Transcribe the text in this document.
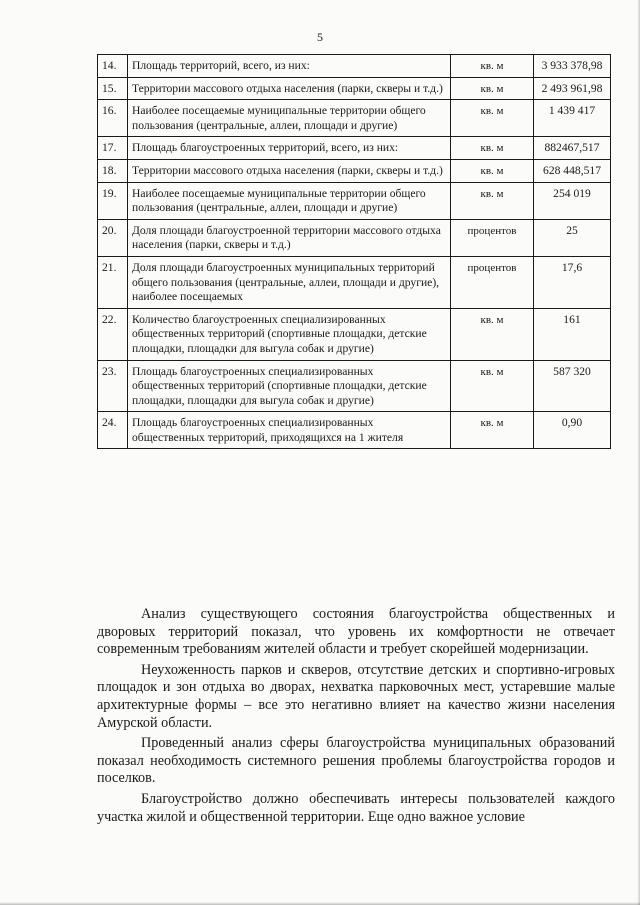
5
14.	Площадь территорий, всего, из них:	кв. м	3 933 378,98
15.	Территории массового отдыха населения (парки, скверы и т.д.)	кв. м	2 493 961,98
16.	Наиболее посещаемые муниципальные территории общего пользования (центральные, аллеи, площади и другие)	кв. м	1 439 417
17.	Площадь благоустроенных территорий, всего, из них:	кв. м	882467,517
18.	Территории массового отдыха населения (парки, скверы и т.д.)	кв. м	628 448,517
19.	Наиболее посещаемые муниципальные территории общего пользования (центральные, аллеи, площади и другие)	кв. м	254 019
20.	Доля площади благоустроенной территории массового отдыха населения (парки, скверы и т.д.)	процентов	25
21.	Доля площади благоустроенных муниципальных территорий общего пользования (центральные, аллеи, площади и другие), наиболее посещаемых	процентов	17,6
22.	Количество благоустроенных специализированных общественных территорий (спортивные площадки, детские площадки, площадки для выгула собак и другие)	кв. м	161
23.	Площадь благоустроенных специализированных общественных территорий (спортивные площадки, детские площадки, площадки для выгула собак и другие)	кв. м	587 320
24.	Площадь благоустроенных специализированных общественных территорий, приходящихся на 1 жителя	кв. м	0,90

Анализ существующего состояния благоустройства общественных и дворовых территорий показал, что уровень их комфортности не отвечает современным требованиям жителей области и требует скорейшей модернизации.

Неухоженность парков и скверов, отсутствие детских и спортивно-игровых площадок и зон отдыха во дворах, нехватка парковочных мест, устаревшие малые архитектурные формы – все это негативно влияет на качество жизни населения Амурской области.

Проведенный анализ сферы благоустройства муниципальных образований показал необходимость системного решения проблемы благоустройства городов и поселков.

Благоустройство должно обеспечивать интересы пользователей каждого участка жилой и общественной территории. Еще одно важное условие
